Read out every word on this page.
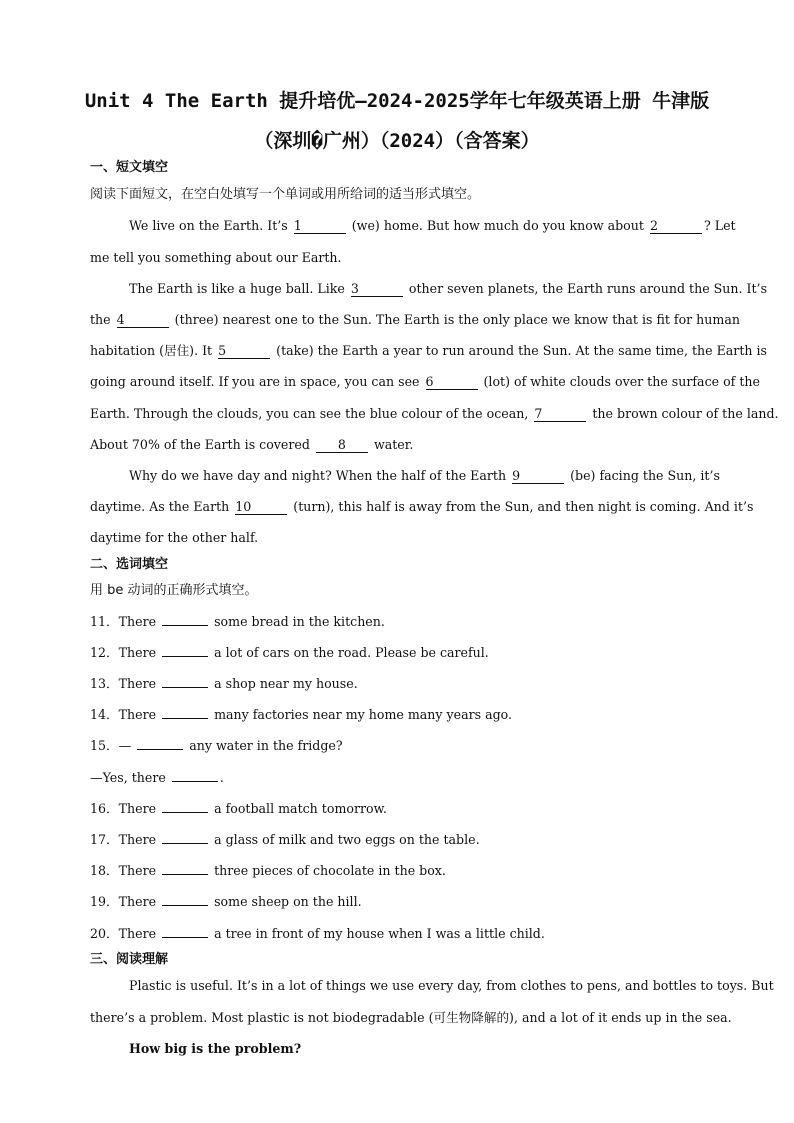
Unit 4 The Earth 提升培优—2024-2025学年七年级英语上册 牛津版
（深圳�广州）（2024）（含答案）
一、短文填空
阅读下面短文，在空白处填写一个单词或用所给词的适当形式填空。
We live on the Earth. It’s 1	(we) home. But how much do you know about 2	? Let
me tell you something about our Earth.
The Earth is like a huge ball. Like 3	other seven planets, the Earth runs around the Sun. It’s
the 4	(three) nearest one to the Sun. The Earth is the only place we know that is fit for human
habitation (居住). It 5	(take) the Earth a year to run around the Sun. At the same time, the Earth is
going around itself. If you are in space, you can see 6	(lot) of white clouds over the surface of the
Earth. Through the clouds, you can see the blue colour of the ocean, 7	the brown colour of the land.
About 70% of the Earth is covered 8 water.
Why do we have day and night? When the half of the Earth 9	(be) facing the Sun, it’s
daytime. As the Earth 10	(turn), this half is away from the Sun, and then night is coming. And it’s
daytime for the other half.
二、选词填空
用 be 动词的正确形式填空。
11．There	some bread in the kitchen.
12．There	a lot of cars on the road. Please be careful.
13．There	a shop near my house.
14．There	many factories near my home many years ago.
15．—	any water in the fridge?
—Yes, there	.
16．There	a football match tomorrow.
17．There	a glass of milk and two eggs on the table.
18．There	three pieces of chocolate in the box.
19．There	some sheep on the hill.
20．There	a tree in front of my house when I was a little child.
三、阅读理解
Plastic is useful. It’s in a lot of things we use every day, from clothes to pens, and bottles to toys. But
there’s a problem. Most plastic is not biodegradable (可生物降解的), and a lot of it ends up in the sea.
How big is the problem?
